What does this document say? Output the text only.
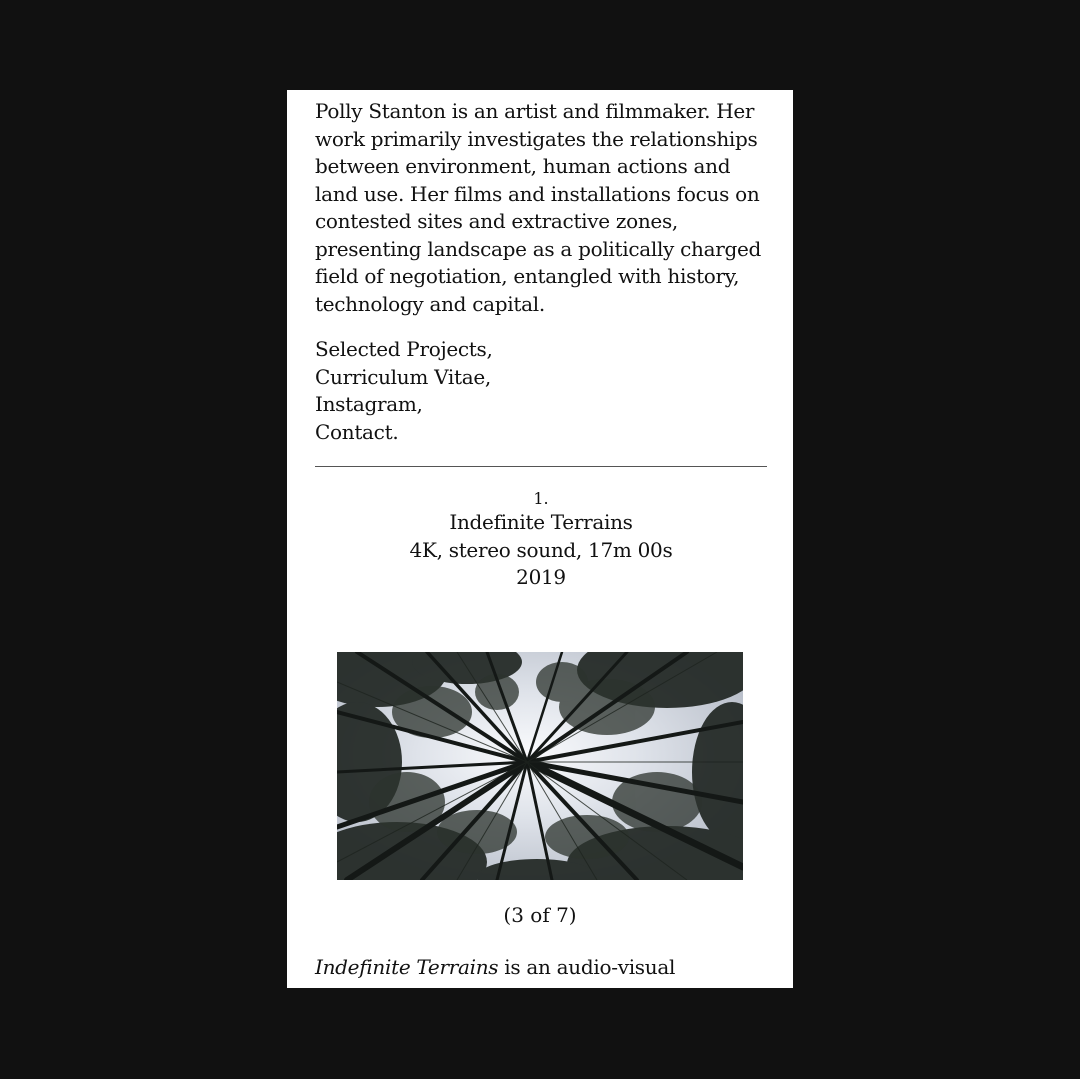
Polly Stanton is an artist and filmmaker. Her work primarily investigates the relationships between environment, human actions and land use. Her films and installations focus on contested sites and extractive zones, presenting landscape as a politically charged field of negotiation, entangled with history, technology and capital.

Selected Projects,
Curriculum Vitae,
Instagram,
Contact.
1.
Indefinite Terrains
4K, stereo sound, 17m 00s
2019
(3 of 7)

Indefinite Terrains is an audio-visual
